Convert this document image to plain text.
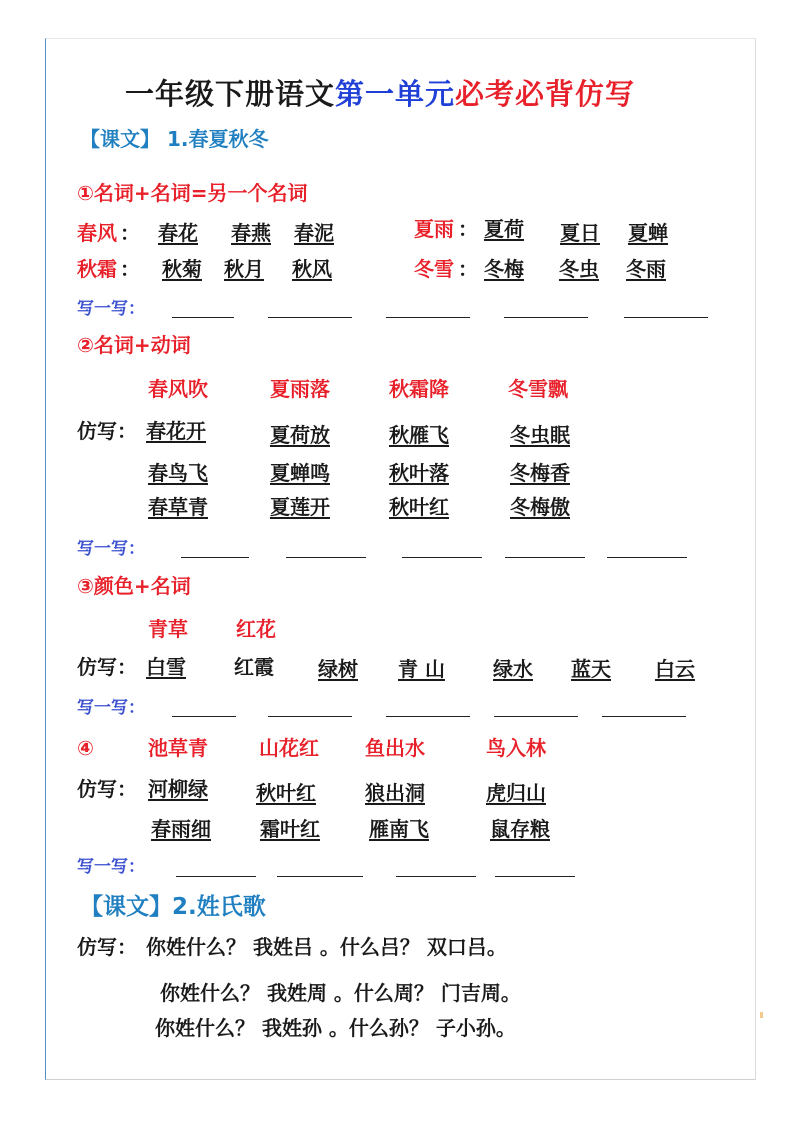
一年级下册语文第一单元必考必背仿写
【课文】 1.春夏秋冬
①名词+名词=另一个名词
春风 ： 春花 春燕 春泥	夏雨 ： 夏荷 夏日 夏蝉
秋霜 ： 秋菊 秋月 秋风	冬雪 ： 冬梅 冬虫 冬雨
写一写：
②名词+动词
春风吹	夏雨落	秋霜降	冬雪飘
仿写： 春花开	夏荷放	秋雁飞	冬虫眠
春鸟飞	夏蝉鸣	秋叶落	冬梅香
春草青	夏莲开	秋叶红	冬梅傲
写一写：
③颜色+名词
青草 红花
仿写： 白雪 红霞 绿树 青 山 绿水 蓝天 白云
写一写：
④	池草青	山花红 鱼出水	鸟入林
仿写： 河柳绿 秋叶红 狼出洞	虎归山
春雨细 霜叶红 雁南飞	鼠存粮
写一写：
【课文】2.姓氏歌
仿写： 你姓什么？ 我姓吕 。什么吕？ 双口吕。
你姓什么？ 我姓周 。什么周？ 门吉周。
你姓什么？ 我姓孙 。什么孙？ 子小孙。
